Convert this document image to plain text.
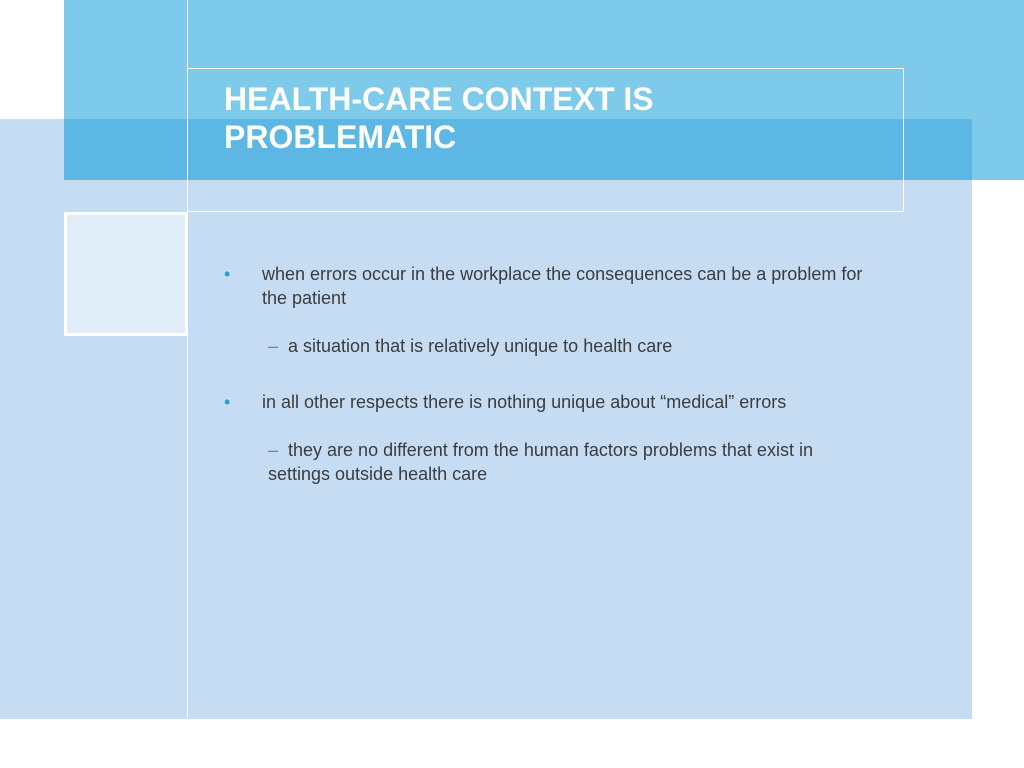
HEALTH-CARE CONTEXT IS PROBLEMATIC

• when errors occur in the workplace the consequences can be a problem for the patient

– a situation that is relatively unique to health care

• in all other respects there is nothing unique about “medical” errors

– they are no different from the human factors problems that exist in settings outside health care
